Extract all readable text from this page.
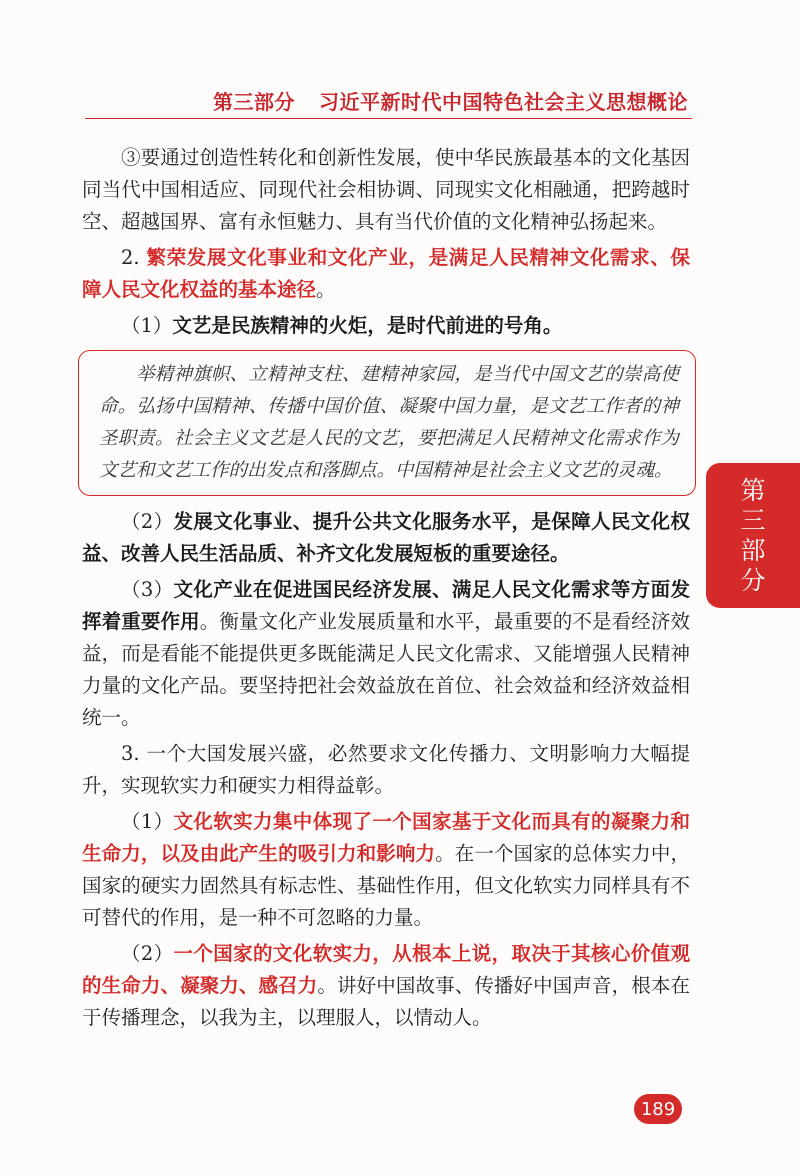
第三部分 习近平新时代中国特色社会主义思想概论

③要通过创造性转化和创新性发展，使中华民族最基本的文化基因同当代中国相适应、同现代社会相协调、同现实文化相融通，把跨越时空、超越国界、富有永恒魅力、具有当代价值的文化精神弘扬起来。

2. 繁荣发展文化事业和文化产业，是满足人民精神文化需求、保障人民文化权益的基本途径。

（1）文艺是民族精神的火炬，是时代前进的号角。

举精神旗帜、立精神支柱、建精神家园，是当代中国文艺的崇高使命。弘扬中国精神、传播中国价值、凝聚中国力量，是文艺工作者的神圣职责。社会主义文艺是人民的文艺，要把满足人民精神文化需求作为文艺和文艺工作的出发点和落脚点。中国精神是社会主义文艺的灵魂。

（2）发展文化事业、提升公共文化服务水平，是保障人民文化权益、改善人民生活品质、补齐文化发展短板的重要途径。

（3）文化产业在促进国民经济发展、满足人民文化需求等方面发挥着重要作用。衡量文化产业发展质量和水平，最重要的不是看经济效益，而是看能不能提供更多既能满足人民文化需求、又能增强人民精神力量的文化产品。要坚持把社会效益放在首位、社会效益和经济效益相统一。

3. 一个大国发展兴盛，必然要求文化传播力、文明影响力大幅提升，实现软实力和硬实力相得益彰。

（1）文化软实力集中体现了一个国家基于文化而具有的凝聚力和生命力，以及由此产生的吸引力和影响力。在一个国家的总体实力中，国家的硬实力固然具有标志性、基础性作用，但文化软实力同样具有不可替代的作用，是一种不可忽略的力量。

（2）一个国家的文化软实力，从根本上说，取决于其核心价值观的生命力、凝聚力、感召力。讲好中国故事、传播好中国声音，根本在于传播理念，以我为主，以理服人，以情动人。

第
三
部
分
189
